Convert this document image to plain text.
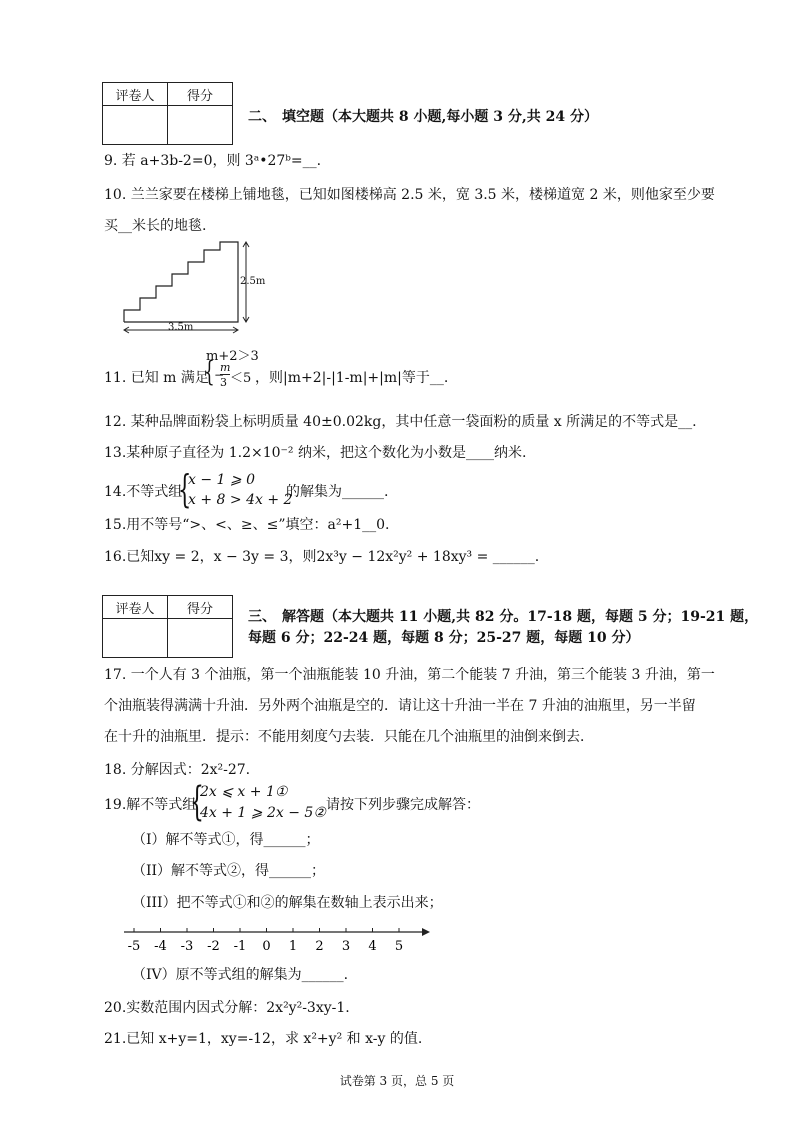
评卷人	得分

二、 填空题（本大题共 8 小题,每小题 3 分,共 24 分）
9. 若 a+3b-2=0，则 3ᵃ•27ᵇ=__.
10. 兰兰家要在楼梯上铺地毯，已知如图楼梯高 2.5 米，宽 3.5 米，楼梯道宽 2 米，则他家至少要
买__米长的地毯.
2.5m
3.5m
11. 已知 m 满足
{
m+2＞3
−
m
3 ＜5 ，则|m+2|-|1-m|+|m|等于__.
12. 某种品牌面粉袋上标明质量 40±0.02kg，其中任意一袋面粉的质量 x 所满足的不等式是__.
13.某种原子直径为 1.2×10⁻² 纳米，把这个数化为小数是____纳米.
14.不等式组
{
x − 1 ⩾ 0
x + 8 > 4x + 2
的解集为______.
15.用不等号“>、<、≥、≤”填空：a²+1__0.
16.已知xy = 2，x − 3y = 3，则2x³y − 12x²y² + 18xy³ = ______.
评卷人	得分
		三、 解答题（本大题共 11 小题,共 82 分。17-18 题，每题 5 分；19-21 题，
每题 6 分；22-24 题，每题 8 分；25-27 题，每题 10 分）
17. 一个人有 3 个油瓶，第一个油瓶能装 10 升油，第二个能装 7 升油，第三个能装 3 升油，第一
个油瓶装得满满十升油．另外两个油瓶是空的．请让这十升油一半在 7 升油的油瓶里，另一半留
在十升的油瓶里．提示：不能用刻度勺去装．只能在几个油瓶里的油倒来倒去．
18. 分解因式：2x²-27.
19.解不等式组
{
2x ⩽ x + 1①
4x + 1 ⩾ 2x − 5② 请按下列步骤完成解答：
（I）解不等式①，得______；
（II）解不等式②，得______；
（III）把不等式①和②的解集在数轴上表示出来；
-5 -4 -3 -2 -1 0 1 2 3 4 5
（IV）原不等式组的解集为______.
20.实数范围内因式分解：2x²y²-3xy-1.
21.已知 x+y=1，xy=-12，求 x²+y² 和 x-y 的值.
试卷第 3 页，总 5 页
